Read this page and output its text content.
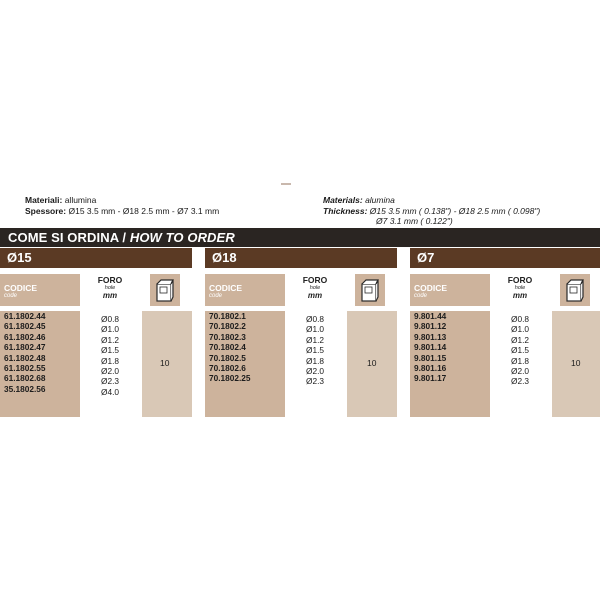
Materiali: allumina
Spessore: Ø15 3.5 mm - Ø18 2.5 mm - Ø7 3.1 mm
Materials: alumina
Thickness: Ø15 3.5 mm ( 0.138") - Ø18 2.5 mm ( 0.098")
Ø7 3.1 mm ( 0.122")
COME SI ORDINA / HOW TO ORDER
Ø15
CODICE
code
FORO
hole
mm
61.1802.44
61.1802.45
61.1802.46
61.1802.47
61.1802.48
61.1802.55
61.1802.68
35.1802.56
Ø0.8
Ø1.0
Ø1.2
Ø1.5
Ø1.8
Ø2.0
Ø2.3
Ø4.0
10
Ø18
CODICE
code
FORO
hole
mm
70.1802.1
70.1802.2
70.1802.3
70.1802.4
70.1802.5
70.1802.6
70.1802.25
Ø0.8
Ø1.0
Ø1.2
Ø1.5
Ø1.8
Ø2.0
Ø2.3
10
Ø7
CODICE
code
FORO
hole
mm
9.801.44
9.801.12
9.801.13
9.801.14
9.801.15
9.801.16
9.801.17
Ø0.8
Ø1.0
Ø1.2
Ø1.5
Ø1.8
Ø2.0
Ø2.3
10
